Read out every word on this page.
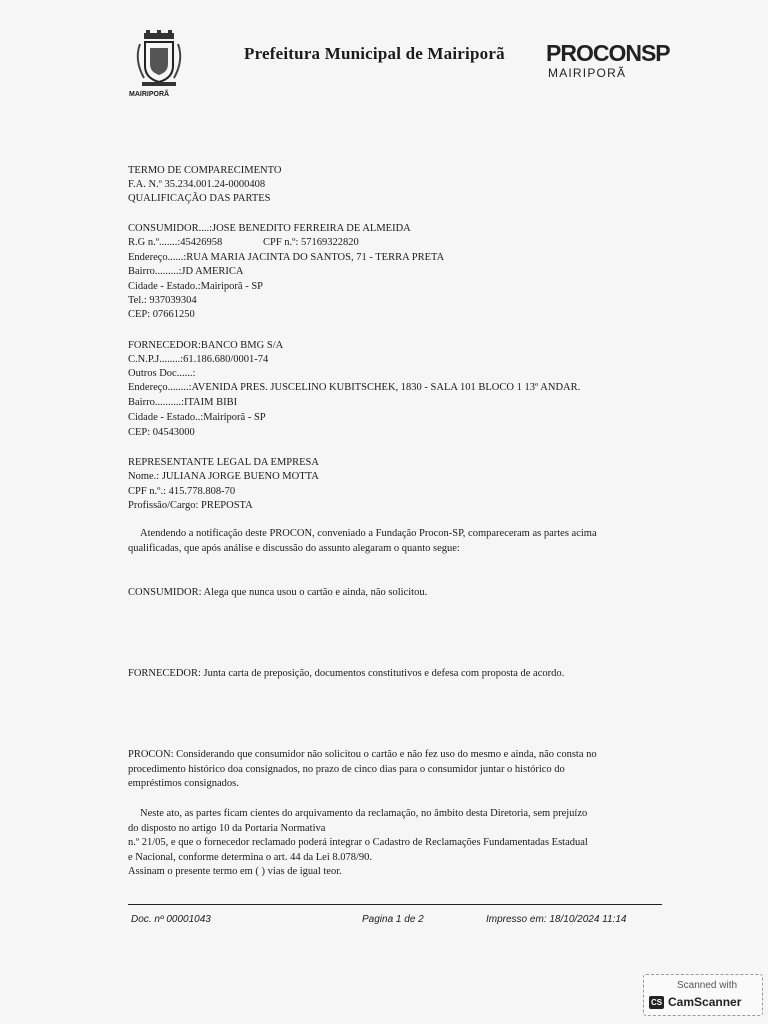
MAIRIPORÃ
Prefeitura Municipal de Mairiporã PROCONSP
MAIRIPORÃ
TERMO DE COMPARECIMENTO
F.A. N.º 35.234.001.24-0000408
QUALIFICAÇÃO DAS PARTES
CONSUMIDOR....:JOSE BENEDITO FERREIRA DE ALMEIDA
R.G n.º.......:45426958	CPF n.º: 57169322820
Endereço......:RUA MARIA JACINTA DO SANTOS, 71 - TERRA PRETA
Bairro.........:JD AMERICA
Cidade - Estado.:Mairiporã - SP
Tel.: 937039304
CEP: 07661250
FORNECEDOR:BANCO BMG S/A
C.N.P.J........:61.186.680/0001-74
Outros Doc......:
Endereço........:AVENIDA PRES. JUSCELINO KUBITSCHEK, 1830 - SALA 101 BLOCO 1 13º ANDAR.
Bairro..........:ITAIM BIBI
Cidade - Estado..:Mairiporã - SP
CEP: 04543000
REPRESENTANTE LEGAL DA EMPRESA
Nome.: JULIANA JORGE BUENO MOTTA
CPF n.º.: 415.778.808-70
Profissão/Cargo: PREPOSTA
Atendendo a notificação deste PROCON, conveniado a Fundação Procon-SP, compareceram as partes acima
qualificadas, que após análise e discussão do assunto alegaram o quanto segue:
CONSUMIDOR: Alega que nunca usou o cartão e ainda, não solicitou.
FORNECEDOR: Junta carta de preposição, documentos constitutivos e defesa com proposta de acordo.
PROCON: Considerando que consumidor não solicitou o cartão e não fez uso do mesmo e ainda, não consta no
procedimento histórico doa consignados, no prazo de cinco dias para o consumidor juntar o histórico do
empréstimos consignados.
Neste ato, as partes ficam cientes do arquivamento da reclamação, no âmbito desta Diretoria, sem prejuízo
do disposto no artigo 10 da Portaria Normativa
n.º 21/05, e que o fornecedor reclamado poderá integrar o Cadastro de Reclamações Fundamentadas Estadual
e Nacional, conforme determina o art. 44 da Lei 8.078/90.
Assinam o presente termo em ( ) vias de igual teor.
Doc. nº 00001043	Pagina 1 de 2	Impresso em: 18/10/2024 11:14
Scanned with
CS CamScanner
